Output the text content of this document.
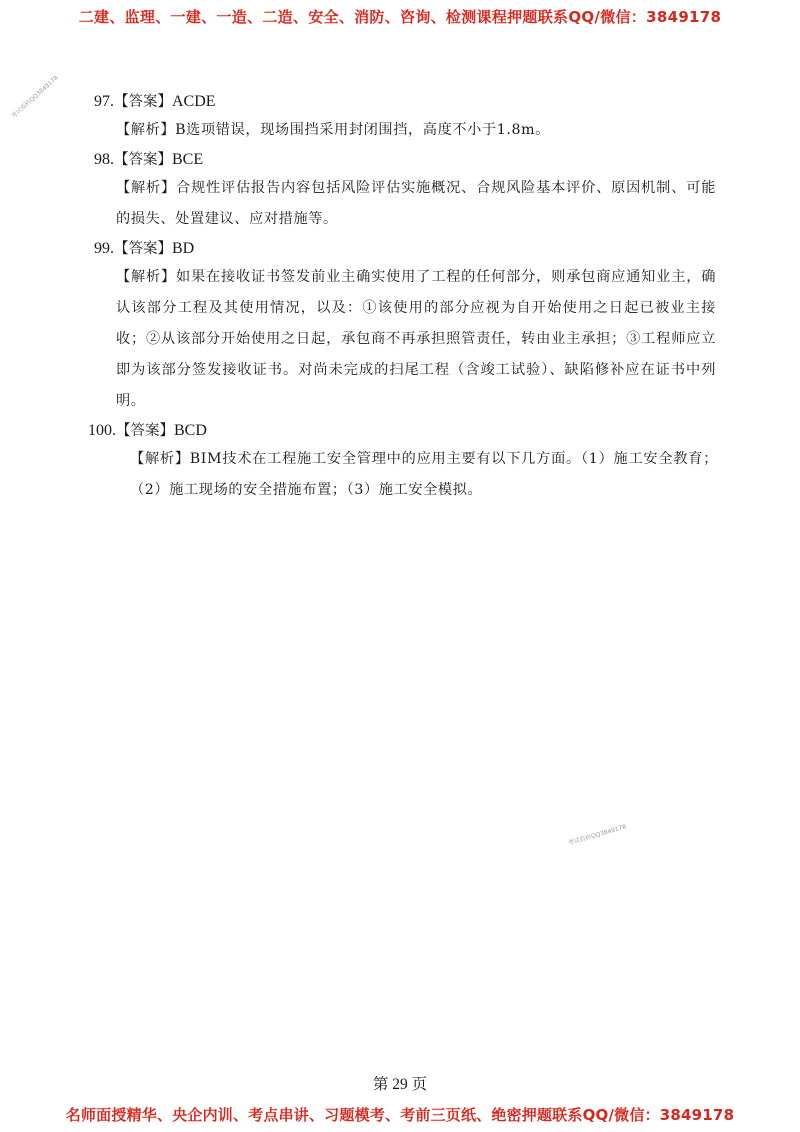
二建、监理、一建、一造、二造、安全、消防、咨询、检测课程押题联系QQ/微信：3849178
考试资料QQ3849178
考试资料QQ3849178

97.【答案】ACDE

【解析】B选项错误，现场围挡采用封闭围挡，高度不小于1.8m。

98.【答案】BCE

【解析】合规性评估报告内容包括风险评估实施概况、合规风险基本评价、原因机制、可能的损失、处置建议、应对措施等。

99.【答案】BD

【解析】如果在接收证书签发前业主确实使用了工程的任何部分，则承包商应通知业主，确认该部分工程及其使用情况，以及：①该使用的部分应视为自开始使用之日起已被业主接收；②从该部分开始使用之日起，承包商不再承担照管责任，转由业主承担；③工程师应立即为该部分签发接收证书。对尚未完成的扫尾工程（含竣工试验）、缺陷修补应在证书中列明。

100.【答案】BCD

【解析】BIM技术在工程施工安全管理中的应用主要有以下几方面。（1）施工安全教育；（2）施工现场的安全措施布置；（3）施工安全模拟。

第 29 页
名师面授精华、央企内训、考点串讲、习题模考、考前三页纸、绝密押题联系QQ/微信：3849178
